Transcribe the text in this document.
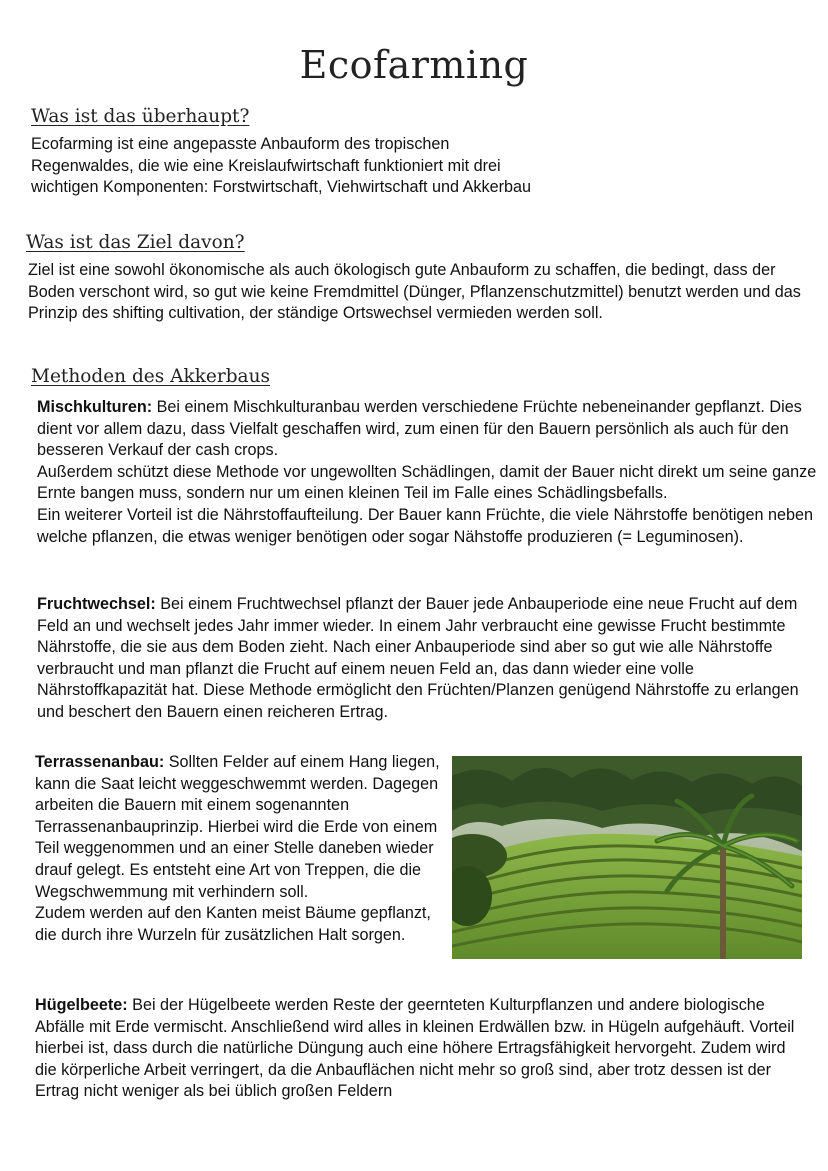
Ecofarming
Was ist das überhaupt?

Ecofarming ist eine angepasste Anbauform des tropischen Regenwaldes, die wie eine Kreislaufwirtschaft funktioniert mit drei wichtigen Komponenten: Forstwirtschaft, Viehwirtschaft und Akkerbau

Was ist das Ziel davon?

Ziel ist eine sowohl ökonomische als auch ökologisch gute Anbauform zu schaffen, die bedingt, dass der Boden verschont wird, so gut wie keine Fremdmittel (Dünger, Pflanzenschutzmittel) benutzt werden und das Prinzip des shifting cultivation, der ständige Ortswechsel vermieden werden soll.

Methoden des Akkerbaus
Mischkulturen: Bei einem Mischkulturanbau werden verschiedene Früchte nebeneinander gepflanzt. Dies dient vor allem dazu, dass Vielfalt geschaffen wird, zum einen für den Bauern persönlich als auch für den besseren Verkauf der cash crops.
Außerdem schützt diese Methode vor ungewollten Schädlingen, damit der Bauer nicht direkt um seine ganze Ernte bangen muss, sondern nur um einen kleinen Teil im Falle eines Schädlingsbefalls.
Ein weiterer Vorteil ist die Nährstoffaufteilung. Der Bauer kann Früchte, die viele Nährstoffe benötigen neben welche pflanzen, die etwas weniger benötigen oder sogar Nähstoffe produzieren (= Leguminosen).
Fruchtwechsel: Bei einem Fruchtwechsel pflanzt der Bauer jede Anbauperiode eine neue Frucht auf dem Feld an und wechselt jedes Jahr immer wieder. In einem Jahr verbraucht eine gewisse Frucht bestimmte Nährstoffe, die sie aus dem Boden zieht. Nach einer Anbauperiode sind aber so gut wie alle Nährstoffe verbraucht und man pflanzt die Frucht auf einem neuen Feld an, das dann wieder eine volle Nährstoffkapazität hat. Diese Methode ermöglicht den Früchten/Planzen genügend Nährstoffe zu erlangen und beschert den Bauern einen reicheren Ertrag.
Terrassenanbau: Sollten Felder auf einem Hang liegen, kann die Saat leicht weggeschwemmt werden. Dagegen arbeiten die Bauern mit einem sogenannten Terrassenanbauprinzip. Hierbei wird die Erde von einem Teil weggenommen und an einer Stelle daneben wieder drauf gelegt. Es entsteht eine Art von Treppen, die die Wegschwemmung mit verhindern soll.
Zudem werden auf den Kanten meist Bäume gepflanzt, die durch ihre Wurzeln für zusätzlichen Halt sorgen.
Hügelbeete: Bei der Hügelbeete werden Reste der geernteten Kulturpflanzen und andere biologische Abfälle mit Erde vermischt. Anschließend wird alles in kleinen Erdwällen bzw. in Hügeln aufgehäuft. Vorteil hierbei ist, dass durch die natürliche Düngung auch eine höhere Ertragsfähigkeit hervorgeht. Zudem wird die körperliche Arbeit verringert, da die Anbauflächen nicht mehr so groß sind, aber trotz dessen ist der Ertrag nicht weniger als bei üblich großen Feldern
